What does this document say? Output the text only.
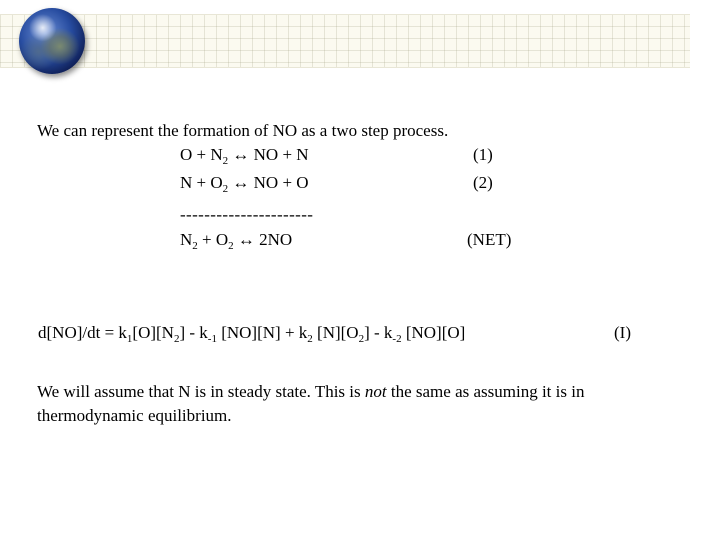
We can represent the formation of NO as a two step process.
$O + N_2$ ↔ NO + N	(1)
$N + O_2$ ↔ NO + O	(2)
----------------------
$N_2 + O_2$ ↔ 2NO	(NET)
$d[NO]/dt = k_1[O][N_2] - k_{-1}$ $[NO][N] + k_2$ $[N][O_2] - k_{-2}$ [NO][O]	(I)
We will assume that N is in steady state. This is not the same as assuming it is in thermodynamic equilibrium.
